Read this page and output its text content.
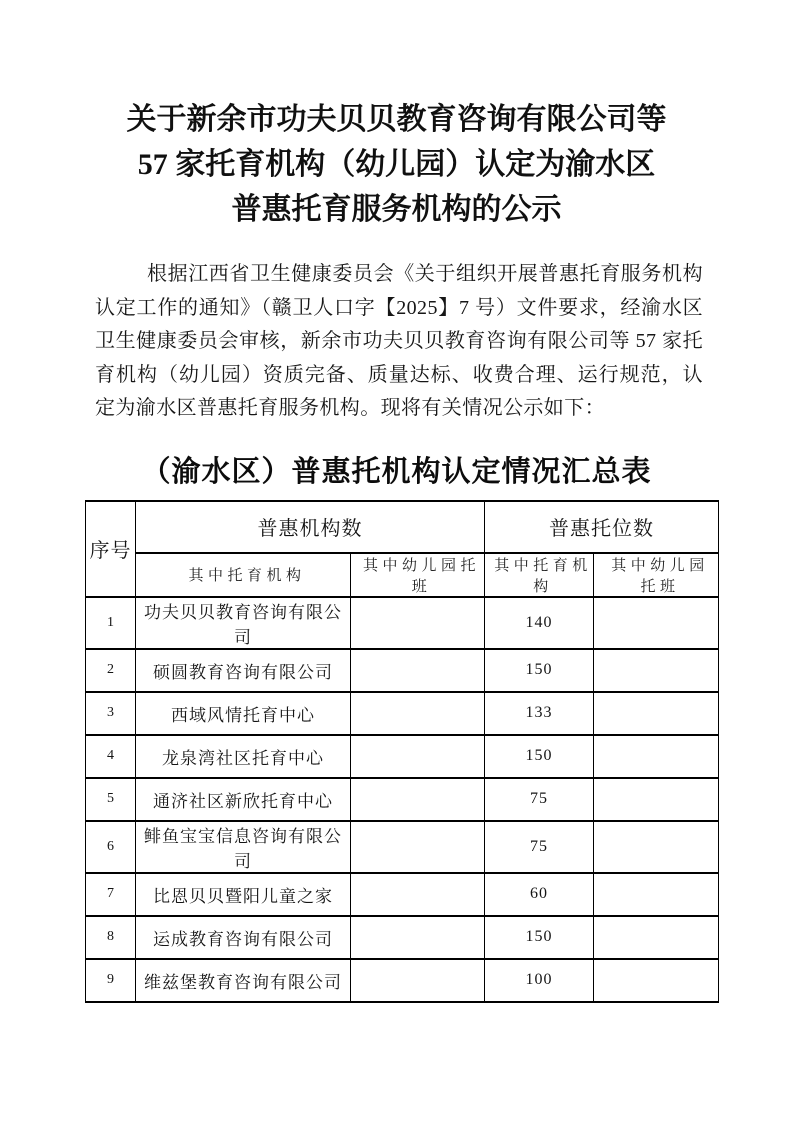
关于新余市功夫贝贝教育咨询有限公司等
57 家托育机构（幼儿园）认定为渝水区
普惠托育服务机构的公示

根据江西省卫生健康委员会《关于组织开展普惠托育服务机构认定工作的通知》（赣卫人口字【2025】7 号）文件要求，经渝水区卫生健康委员会审核，新余市功夫贝贝教育咨询有限公司等 57 家托育机构（幼儿园）资质完备、质量达标、收费合理、运行规范，认定为渝水区普惠托育服务机构。现将有关情况公示如下：

（渝水区）普惠托机构认定情况汇总表
序号	普惠机构数		普惠托位数	
	其中托育机构	其中幼儿园托班	其中托育机构	其中幼儿园托班
1	功夫贝贝教育咨询有限公司		140	
2	硕圆教育咨询有限公司		150	
3	西域风情托育中心		133	
4	龙泉湾社区托育中心		150	
5	通济社区新欣托育中心		75	
6	鲱鱼宝宝信息咨询有限公司		75	
7	比恩贝贝暨阳儿童之家		60	
8	运成教育咨询有限公司		150	
9	维兹堡教育咨询有限公司		100	
